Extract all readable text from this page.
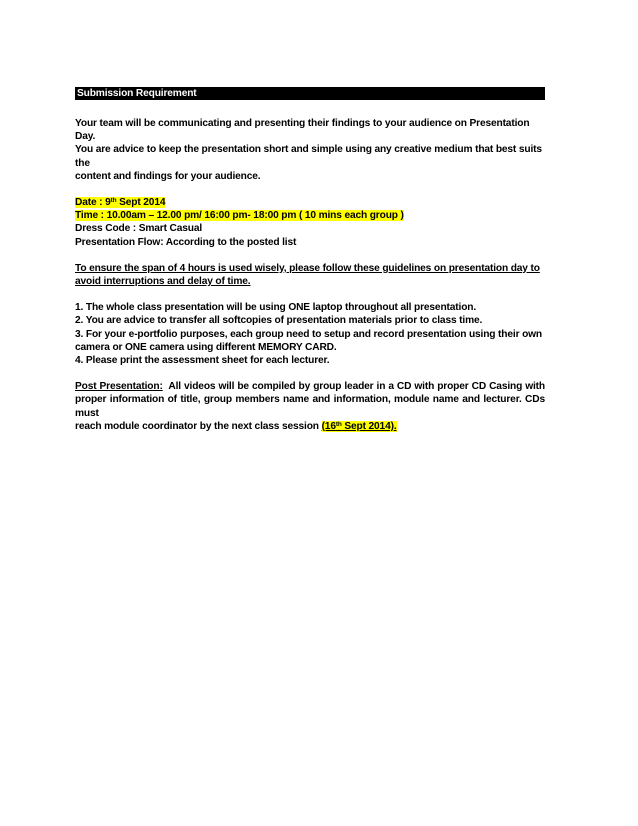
Submission Requirement

Your team will be communicating and presenting their findings to your audience on Presentation Day.

You are advice to keep the presentation short and simple using any creative medium that best suits the

content and findings for your audience.

Date : 9th Sept 2014

Time : 10.00am – 12.00 pm/ 16:00 pm- 18:00 pm ( 10 mins each group )

Dress Code : Smart Casual

Presentation Flow: According to the posted list

To ensure the span of 4 hours is used wisely, please follow these guidelines on presentation day to

avoid interruptions and delay of time.

1. The whole class presentation will be using ONE laptop throughout all presentation.

2. You are advice to transfer all softcopies of presentation materials prior to class time.

3. For your e-portfolio purposes, each group need to setup and record presentation using their own

camera or ONE camera using different MEMORY CARD.

4. Please print the assessment sheet for each lecturer.

Post Presentation:  All videos will be compiled by group leader in a CD with proper CD Casing with

proper information of title, group members name and information, module name and lecturer. CDs must

reach module coordinator by the next class session (16th Sept 2014).
